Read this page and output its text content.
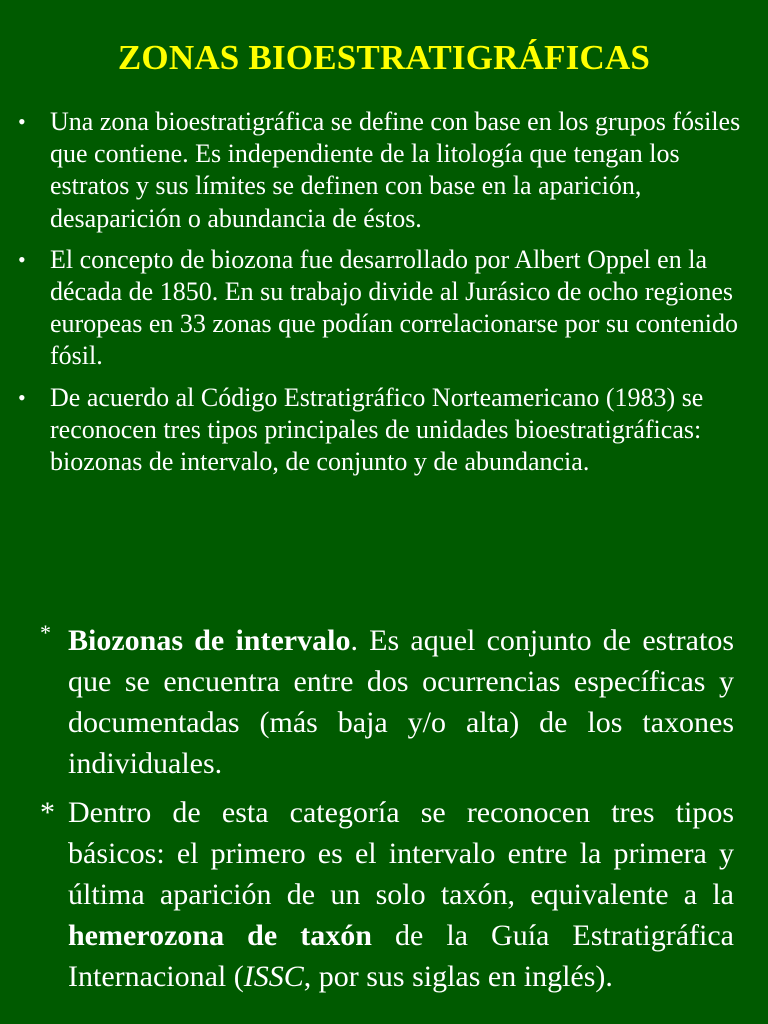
ZONAS BIOESTRATIGRÁFICAS
• Una zona bioestratigráfica se define con base en los grupos fósiles que contiene. Es independiente de la litología que tengan los estratos y sus límites se definen con base en la aparición, desaparición o abundancia de éstos.
• El concepto de biozona fue desarrollado por Albert Oppel en la década de 1850. En su trabajo divide al Jurásico de ocho regiones europeas en 33 zonas que podían correlacionarse por su contenido fósil.
• De acuerdo al Código Estratigráfico Norteamericano (1983) se reconocen tres tipos principales de unidades bioestratigráficas: biozonas de intervalo, de conjunto y de abundancia.
* Biozonas de intervalo. Es aquel conjunto de estratos que se encuentra entre dos ocurrencias específicas y documentadas (más baja y/o alta) de los taxones individuales.
* Dentro de esta categoría se reconocen tres tipos básicos: el primero es el intervalo entre la primera y última aparición de un solo taxón, equivalente a la hemerozona de taxón de la Guía Estratigráfica Internacional (ISSC, por sus siglas en inglés).
